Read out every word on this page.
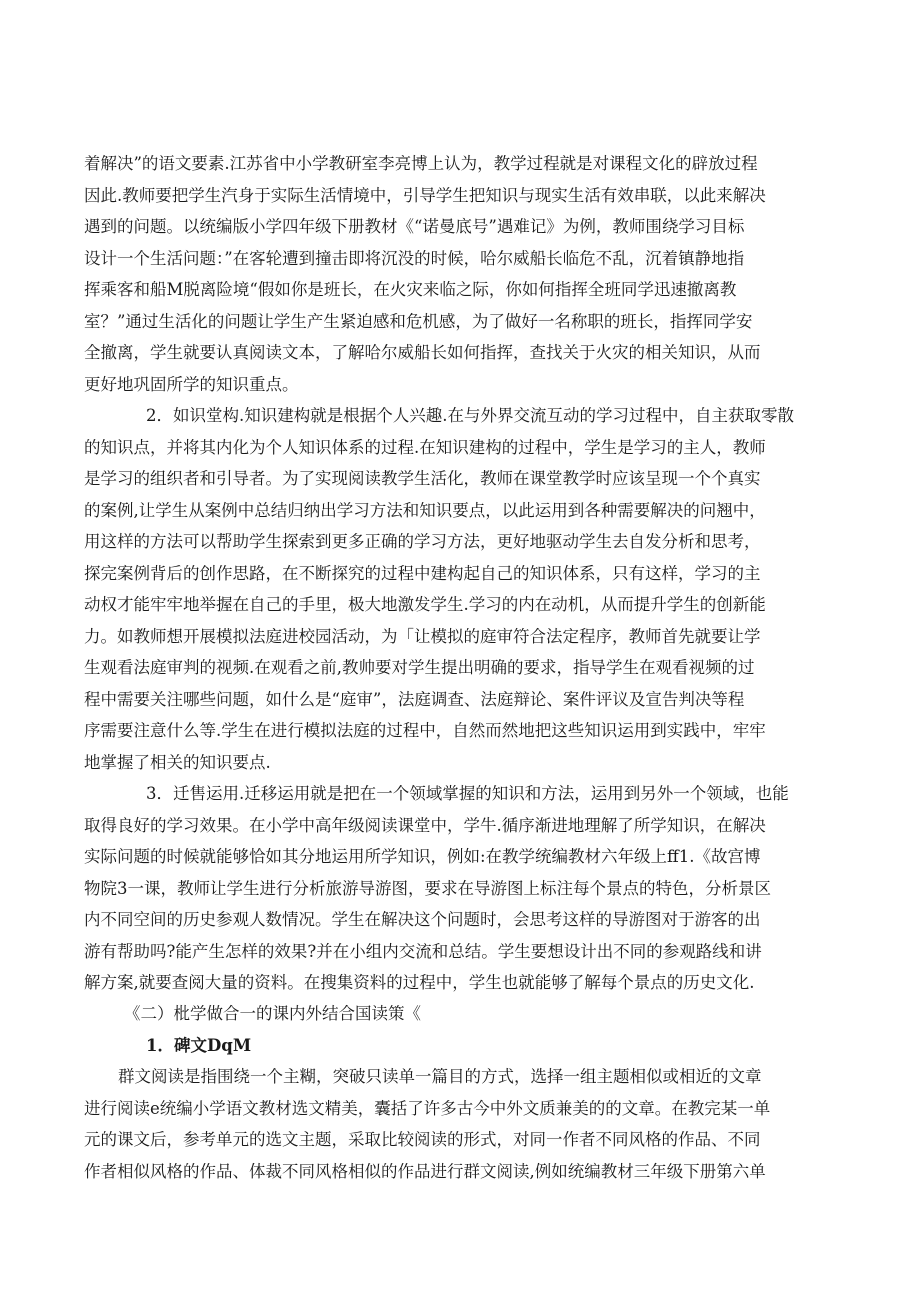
着解决”的语文要素.江苏省中小学教研室李亮博上认为，教学过程就是对课程文化的辟放过程
因此.教师要把学生汽身于实际生活情境中，引导学生把知识与现实生活有效串联，以此来解决
遇到的问题。以统编版小学四年级下册教材《“诺曼底号”遇难记》为例，教师围绕学习目标
设计一个生活问题：”在客轮遭到撞击即将沉没的时候，哈尔威船长临危不乱，沉着镇静地指
挥乘客和船M脱离险境“假如你是班长，在火灾来临之际，你如何指挥全班同学迅速撤离教
室？”通过生活化的问题让学生产生紧迫感和危机感，为了做好一名称职的班长，指挥同学安
全撤离，学生就要认真阅读文本，了解哈尔威船长如何指挥，查找关于火灾的相关知识，从而
更好地巩固所学的知识重点。
2．如识堂构.知识建构就是根据个人兴趣.在与外界交流互动的学习过程中，自主获取零散
的知识点，并将其内化为个人知识体系的过程.在知识建构的过程中，学生是学习的主人，教师
是学习的组织者和引导者。为了实现阅读教学生活化，教师在课堂教学时应该呈现一个个真实
的案例,让学生从案例中总结归纳出学习方法和知识要点，以此运用到各种需要解决的问翘中，
用这样的方法可以帮助学生探索到更多正确的学习方法，更好地驱动学生去自发分析和思考，
探完案例背后的创作思路，在不断探究的过程中建构起自己的知识体系，只有这样，学习的主
动权才能牢牢地举握在自己的手里，极大地激发学生.学习的内在动机，从而提升学生的创新能
力。如教师想开展模拟法庭进校园活动，为「让模拟的庭审符合法定程序，教师首先就要让学
生观看法庭审判的视频.在观看之前,教帅要对学生提出明确的要求，指导学生在观看视频的过
程中需要关注哪些问题，如什么是“庭审”，法庭调查、法庭辩论、案件评议及宣告判决等程
序需要注意什么等.学生在进行模拟法庭的过程中，自然而然地把这些知识运用到实践中，牢牢
地掌握了相关的知识要点.
3．迁售运用.迁移运用就是把在一个领域掌握的知识和方法，运用到另外一个领域，也能
取得良好的学习效果。在小学中高年级阅读课堂中，学牛.循序渐进地理解了所学知识，在解决
实际问题的时候就能够恰如其分地运用所学知识，例如:在教学统编教材六年级上ff1.《故宫博
物院3一课，教师让学生进行分析旅游导游图，要求在导游图上标注每个景点的特色，分析景区
内不同空间的历史参观人数情况。学生在解决这个问题时，会思考这样的导游图对于游客的出
游有帮助吗?能产生怎样的效果?并在小组内交流和总结。学生要想设计出不同的参观路线和讲
解方案,就要查阅大量的资料。在搜集资料的过程中，学生也就能够了解每个景点的历史文化.
《二）枇学做合一的课内外结合国读策《
1．碑文DqM
群文阅读是指围绕一个主糊，突破只读单一篇目的方式，选择一组主题相似或相近的文章
进行阅读e统编小学语文教材选文精美，囊括了许多古今中外文质兼美的的文章。在教完某一单
元的课文后，参考单元的选文主题，采取比较阅读的形式，对同一作者不同风格的作品、不同
作者相似风格的作品、体裁不同风格相似的作品进行群文阅读,例如统编教材三年级下册第六单
